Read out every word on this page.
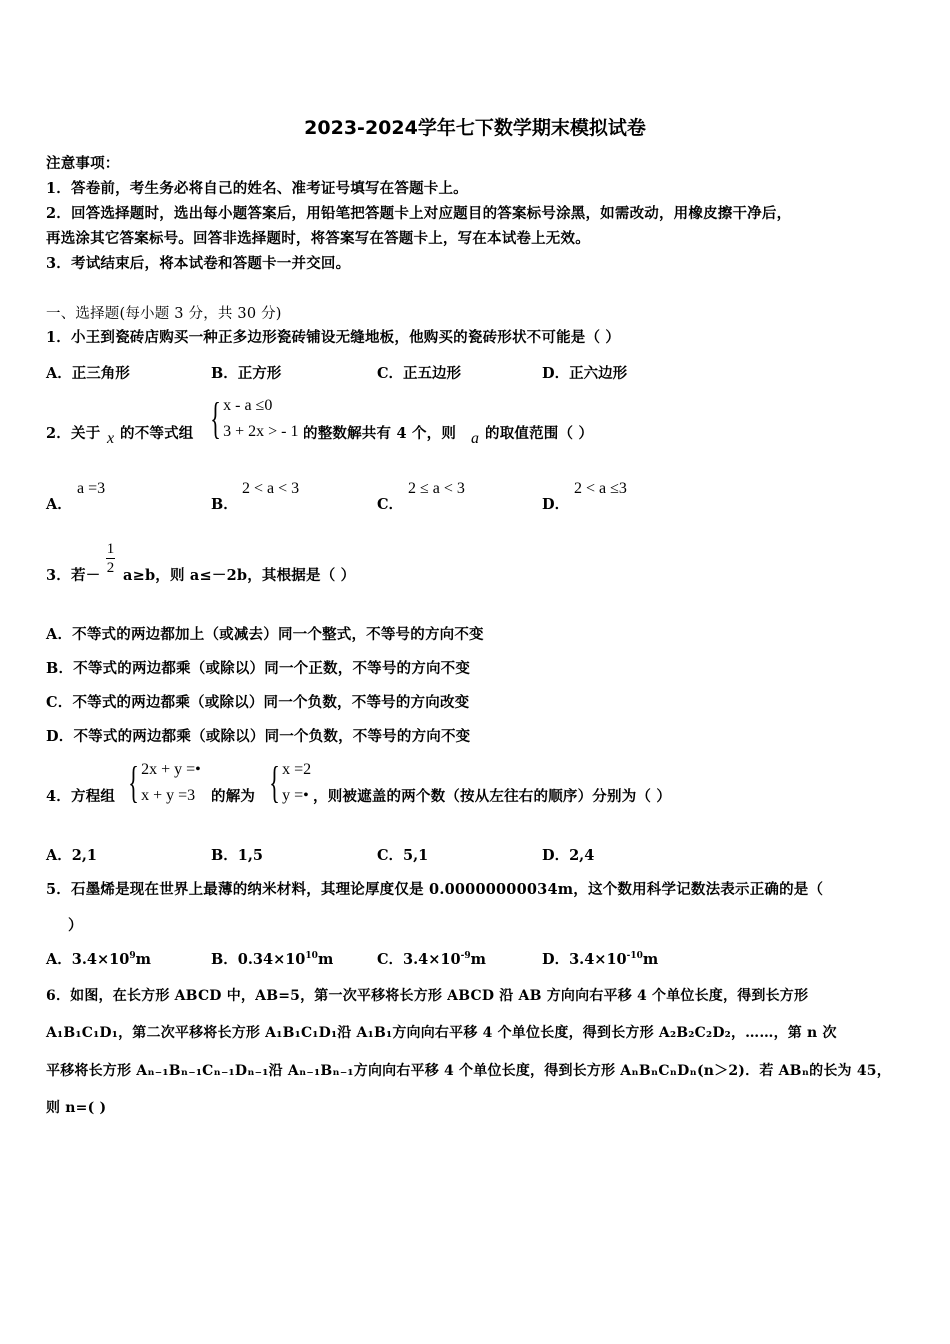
2023-2024学年七下数学期末模拟试卷
注意事项：
1．答卷前，考生务必将自己的姓名、准考证号填写在答题卡上。
2．回答选择题时，选出每小题答案后，用铅笔把答题卡上对应题目的答案标号涂黑，如需改动，用橡皮擦干净后，
再选涂其它答案标号。回答非选择题时，将答案写在答题卡上，写在本试卷上无效。
3．考试结束后，将本试卷和答题卡一并交回。
一、选择题(每小题 3 分，共 30 分)
1．小王到瓷砖店购买一种正多边形瓷砖铺设无缝地板，他购买的瓷砖形状不可能是（ ）
A．正三角形	B．正方形	C．正五边形	D．正六边形
2．关于 x 的不等式组 { x - a ≤0
3 + 2x > - 1 的整数解共有 4 个，则 a 的取值范围（ ）
A．
a =3
B．
2 < a < 3
C．
2 ≤ a < 3
D．
2 < a ≤3
3．若－
1
2 a≥b，则 a≤－2b，其根据是（ ）
A．不等式的两边都加上（或减去）同一个整式，不等号的方向不变
B．不等式的两边都乘（或除以）同一个正数，不等号的方向不变
C．不等式的两边都乘（或除以）同一个负数，不等号的方向改变
D．不等式的两边都乘（或除以）同一个负数，不等号的方向不变
4．方程组 { 2x + y =•
x + y =3	的解为 { x =2
y =• ，则被遮盖的两个数（按从左往右的顺序）分别为（ ）
A．2,1	B．1,5	C．5,1	D．2,4
5．石墨烯是现在世界上最薄的纳米材料，其理论厚度仅是 0.00000000034m，这个数用科学记数法表示正确的是（
）
A．$3.4\times 10^9m$	B．$0.34\times 10^{10}m$	C．$3.4\times 10^{-9}m$	D．$3.4\times 10^{-10}m$
6．如图，在长方形 ABCD 中，AB=5，第一次平移将长方形 ABCD 沿 AB 方向向右平移 4 个单位长度，得到长方形
A₁B₁C₁D₁，第二次平移将长方形 A₁B₁C₁D₁沿 A₁B₁方向向右平移 4 个单位长度，得到长方形 A₂B₂C₂D₂，……，第 n 次
平移将长方形 Aₙ₋₁Bₙ₋₁Cₙ₋₁Dₙ₋₁沿 Aₙ₋₁Bₙ₋₁方向向右平移 4 个单位长度，得到长方形 AₙBₙCₙDₙ(n＞2)．若 ABₙ的长为 45，
则 n=( )
